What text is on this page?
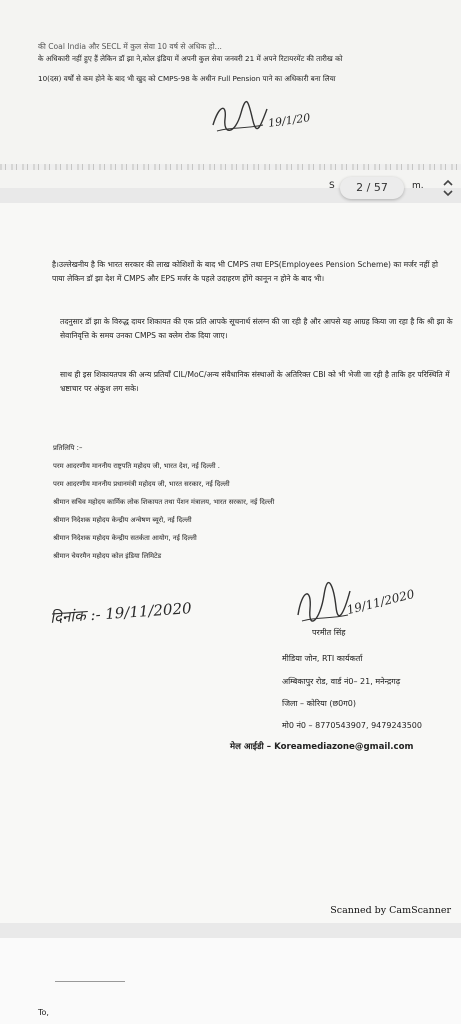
की Coal India और SECL में कुल सेवा 10 वर्ष से अधिक हो...
के अधिकारी नहीं हुए हैं लेकिन डॉ झा ने,कोल इंडिया में अपनी कुल सेवा जनवरी 21 में अपने रिटायरमेंट की तारीख को
10(दस) वर्षों से कम होने के बाद भी खुद को CMPS-98 के अधीन Full Pension पाने का अधिकारी बना लिया
19/1/20
S	m.
है।उल्लेखनीय है कि भारत सरकार की लाख कोशिशों के बाद भी CMPS तथा EPS(Employees Pension Scheme) का मर्जर नहीं हो पाया लेकिन डॉ झा देश में CMPS और EPS मर्जर के पहले उदाहरण होंगे कानून न होने के बाद भी।
तदनुसार डॉ झा के विरुद्ध दायर शिकायत की एक प्रति आपके सूचनार्थ संलग्न की जा रही है और आपसे यह आग्रह किया जा रहा है कि श्री झा के सेवानिवृत्ति के समय उनका CMPS का क्लेम रोक दिया जाए।
साथ ही इस शिकायतपत्र की अन्य प्रतियाँ CIL/MoC/अन्य संवैधानिक संस्थाओं के अतिरिक्त CBI को भी भेजी जा रही है ताकि हर परिस्थिति में भ्रष्टाचार पर अंकुश लग सके।
प्रतिलिपि :–
परम आदरणीय माननीय राष्ट्रपति महोदय जी, भारत देश, नई दिल्ली .
परम आदरणीय माननीय प्रधानमंत्री महोदय जी, भारत सरकार, नई दिल्ली
श्रीमान सचिव महोदय कार्मिक लोक शिकायत तथा पेंशन मंत्रालय, भारत सरकार, नई दिल्ली
श्रीमान निदेशक महोदय केन्द्रीय अन्वेषण ब्यूरो, नई दिल्ली
श्रीमान निदेशक महोदय केन्द्रीय सतर्कता आयोग, नई दिल्ली
श्रीमान चेयरमैन महोदय कोल इंडिया लिमिटेड
दिनांक :- 19/11/2020	19/11/2020
परमीत सिंह
मीडिया जोन, RTI कार्यकर्ता
अम्बिकापुर रोड, वार्ड नं0– 21, मनेन्द्रगढ़
जिला – कोरिया (छ0ग0)
मो0 नं0 – 8770543907, 9479243500
मेल आईडी – Koreamediazone@gmail.com
Scanned by CamScanner
To,
2 / 57
